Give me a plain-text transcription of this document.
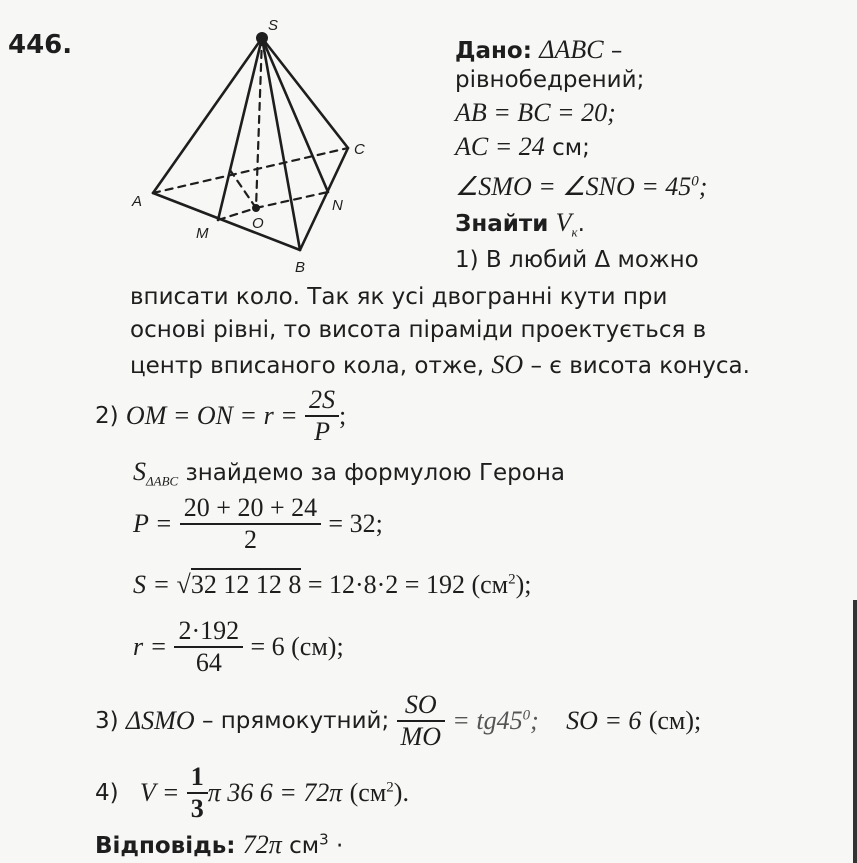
446.
S
C
A	N
M
O
B
Дано: ΔABC –
рівнобедрений;
AB = BC = 20;
AC = 24 см;
∠SMO = ∠SNO = $45^0$;
Знайти $V_к$.
1) В любий Δ можно
вписати коло. Так як усі двогранні кути при
основі рівні, то висота піраміди проектується в
центр вписаного кола, отже, SO – є висота конуса.
2) OM = ON = $r = \frac{2S}{P}$ ;
$S_{\Delta ABC}$ знайдемо за формулою Герона
$P = \frac{20 + 20 + 24}{2} = 32$;
S = √32 12 12 8 = 12·8·2 = 192 $(см^2)$;
$r = \frac{2\cdot 192}{64} = 6$ (см);
3) ΔSMO – прямокутний; $\frac{SO}{MO} = tg45^0$; SO = 6 (см);
4) $V = \frac{1}{3}$ π 36 6 = 72π $(см^2)$.
Відповідь: 72π $см^3$ ·
